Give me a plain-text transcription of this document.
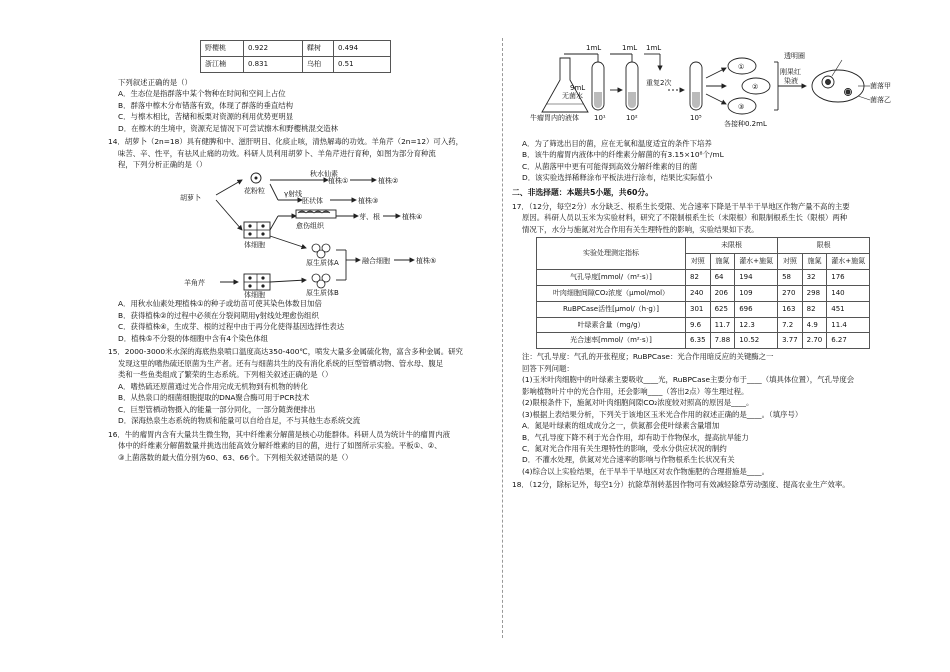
野樱桃	0.922	鞣树	0.494
浙江楠	0.831	乌桕	0.51

下列叙述正确的是（）

A．生态位是指群落中某个物种在时间和空间上占位

B．群落中檫木分布错落有致，体现了群落的垂直结构

C．与檫木相比，苦槠和板栗对资源的利用优势更明显

D．在檫木的生境中，资源充足情况下可尝试擦木和野樱桃混交造林

14．胡萝卜（2n=18）具有健脾和中、滋肝明目、化痰止咳，清热解毒的功效。羊角芹（2n=12）可入药，

味苦、辛、性平，有祛风止痛的功效。科研人员利用胡萝卜、羊角芹进行育种，如图为部分育种流

程，下列分析正确的是（）

胡萝卜
花粉粒
秋水仙素
植株①	植株②
γ射线
胚状体	植株③
愈伤组织
芽、根	植株④
体细胞
原生质体A	融合细胞	植株⑤
羊角芹
体细胞	原生质体B

A．用秋水仙素处理植株①的种子或幼苗可使其染色体数目加倍

B．获得植株②的过程中必须在分裂间期用γ射线处理愈伤组织

C．获得植株④，生成芽、根的过程中由于再分化使得基因选择性表达

D．植株⑤不分裂的体细胞中含有4个染色体组

15．2000-3000米水深的海底热泉喷口温度高达350-400℃，喷发大量多金属硫化物，富含多种金属。研究

发现这里的嗜热硫还原菌为生产者。还有与细菌共生的没有消化系统的巨型管栖动物、管水母、腹足

类和一些鱼类组成了繁荣的生态系统。下列相关叙述正确的是（）

A．嗜热硫还原菌通过光合作用完成无机物到有机物的转化

B．从热泉口的细菌细胞提取的DNA聚合酶可用于PCR技术

C．巨型管栖动物摄入的能量一部分同化，一部分随粪便排出

D．深海热泉生态系统的物质和能量可以自给自足，不与其他生态系统交流

16．牛的瘤胃内含有大量共生微生物，其中纤维素分解菌是核心功能群体。科研人员为统计牛的瘤胃内液

体中的纤维素分解菌数量并挑选出能高效分解纤维素的目的菌，进行了如图所示实验。平板①、②、

③上菌落数的最大值分别为60、63、66个。下列相关叙述错误的是（）

1mL	1mL 1mL
9mL
无菌水
重复2次
10¹	10²	10⁵
牛瘤胃内的液体
①
②
③
各接种0.2mL
透明圈
刚果红
染液
菌落甲
菌落乙

A．为了筛选出目的菌，应在无氧和温度适宜的条件下培养

B．该牛的瘤胃内液体中的纤维素分解菌的有3.15×10⁸个/mL

C．从菌落甲中更有可能得到高效分解纤维素的目的菌

D．该实验选择稀释涂布平板法进行涂布，结果比实际值小

二、非选择题：本题共5小题，共60分。

17．（12分，每空2分）水分缺乏、根系生长受限、光合速率下降是干旱半干旱地区作物产量不高的主要

原因。科研人员以玉米为实验材料，研究了不限制根系生长（未限根）和限制根系生长（限根）两种

情况下，水分与施氮对光合作用有关生理特性的影响，实验结果如下表。

实验处理测定指标	未限根			限根		
	对照	施氮	灌水+施氮	对照	施氮	灌水+施氮
气孔导度[mmol/（m²·s）]	82	64	194	58	32	176
叶肉细胞间隙CO₂浓度（μmol/mol）	240	206	109	270	298	140
RuBPCase活性[μmol/（h·g）]	301	625	696	163	82	451
叶绿素含量（mg/g）	9.6	11.7	12.3	7.2	4.9	11.4
光合速率[mmol/（m²·s）]	6.35	7.88	10.52	3.77	2.70	6.27

注：气孔导度：气孔的开张程度；RuBPCase：光合作用暗反应的关键酶之一

回答下列问题：

(1)玉米叶肉细胞中的叶绿素主要吸收____光，RuBPCase主要分布于____（填具体位置），气孔导度会

影响植物叶片中的光合作用，还会影响____（答出2点）等生理过程。

(2)限根条件下，施氮对叶肉细胞间隙CO₂浓度较对照高的原因是____。

(3)根据上表结果分析，下列关于该地区玉米光合作用的叙述正确的是____。（填序号）

A．氮是叶绿素的组成成分之一，供氮都会使叶绿素含量增加

B．气孔导度下降不利于光合作用，却有助于作物保水，提高抗旱能力

C．氮对光合作用有关生理特性的影响，受水分供应状况的制约

D．不灌水处理，供氮对光合速率的影响与作物根系生长状况有关

(4)综合以上实验结果，在干旱半干旱地区对农作物施肥的合理措施是____。

18．（12分，除标记外，每空1分）抗除草剂转基因作物可有效减轻除草劳动强度、提高农业生产效率。
